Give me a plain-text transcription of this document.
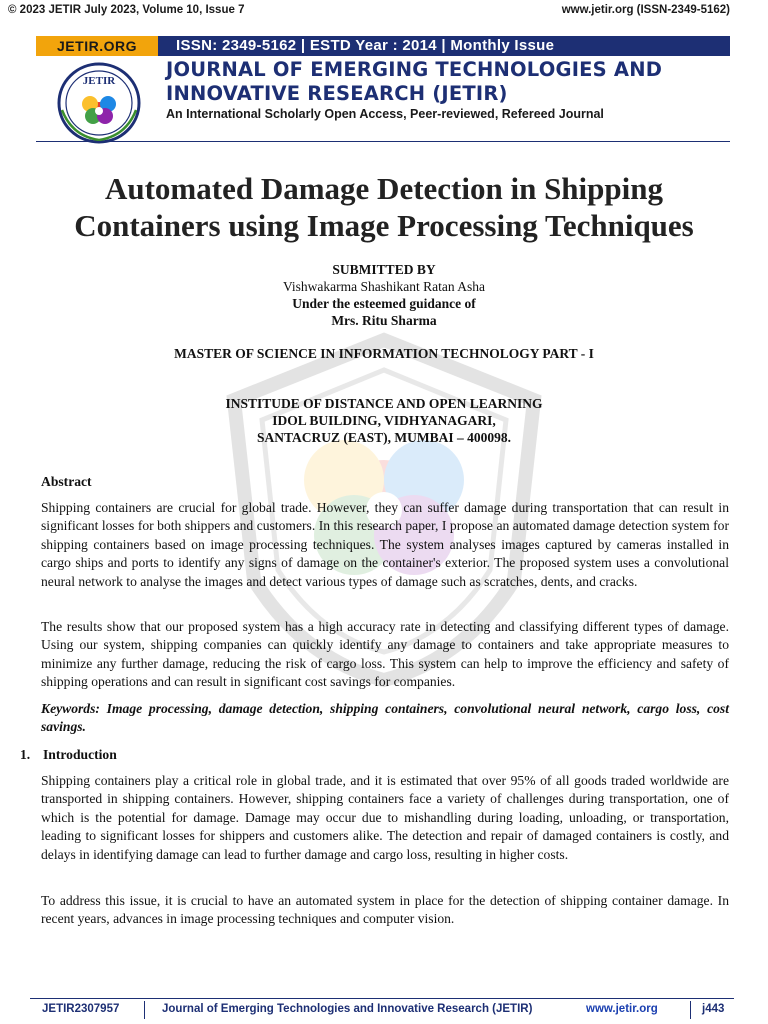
© 2023 JETIR July 2023, Volume 10, Issue 7	www.jetir.org (ISSN-2349-5162)
JETIR.ORG	ISSN: 2349-5162 | ESTD Year : 2014 | Monthly Issue
JETIR	JOURNAL OF EMERGING TECHNOLOGIES AND
INNOVATIVE RESEARCH (JETIR)
An International Scholarly Open Access, Peer-reviewed, Refereed Journal
Automated Damage Detection in Shipping
Containers using Image Processing Techniques
SUBMITTED BY
Vishwakarma Shashikant Ratan Asha
Under the esteemed guidance of
Mrs. Ritu Sharma
MASTER OF SCIENCE IN INFORMATION TECHNOLOGY PART - I
INSTITUDE OF DISTANCE AND OPEN LEARNING
IDOL BUILDING, VIDHYANAGARI,
SANTACRUZ (EAST), MUMBAI – 400098.
Abstract
Shipping containers are crucial for global trade. However, they can suffer damage during transportation that can result in significant losses for both shippers and customers. In this research paper, I propose an automated damage detection system for shipping containers based on image processing techniques. The system analyses images captured by cameras installed in cargo ships and ports to identify any signs of damage on the container's exterior. The proposed system uses a convolutional neural network to analyse the images and detect various types of damage such as scratches, dents, and cracks.
The results show that our proposed system has a high accuracy rate in detecting and classifying different types of damage. Using our system, shipping companies can quickly identify any damage to containers and take appropriate measures to minimize any further damage, reducing the risk of cargo loss. This system can help to improve the efficiency and safety of shipping operations and can result in significant cost savings for companies.
Keywords: Image processing, damage detection, shipping containers, convolutional neural network, cargo loss, cost savings.
1. Introduction
Shipping containers play a critical role in global trade, and it is estimated that over 95% of all goods traded worldwide are transported in shipping containers. However, shipping containers face a variety of challenges during transportation, one of which is the potential for damage. Damage may occur due to mishandling during loading, unloading, or transportation, leading to significant losses for shippers and customers alike. The detection and repair of damaged containers is costly, and delays in identifying damage can lead to further damage and cargo loss, resulting in higher costs.
To address this issue, it is crucial to have an automated system in place for the detection of shipping container damage. In recent years, advances in image processing techniques and computer vision.
JETIR2307957	Journal of Emerging Technologies and Innovative Research (JETIR)	www.jetir.org	j443
